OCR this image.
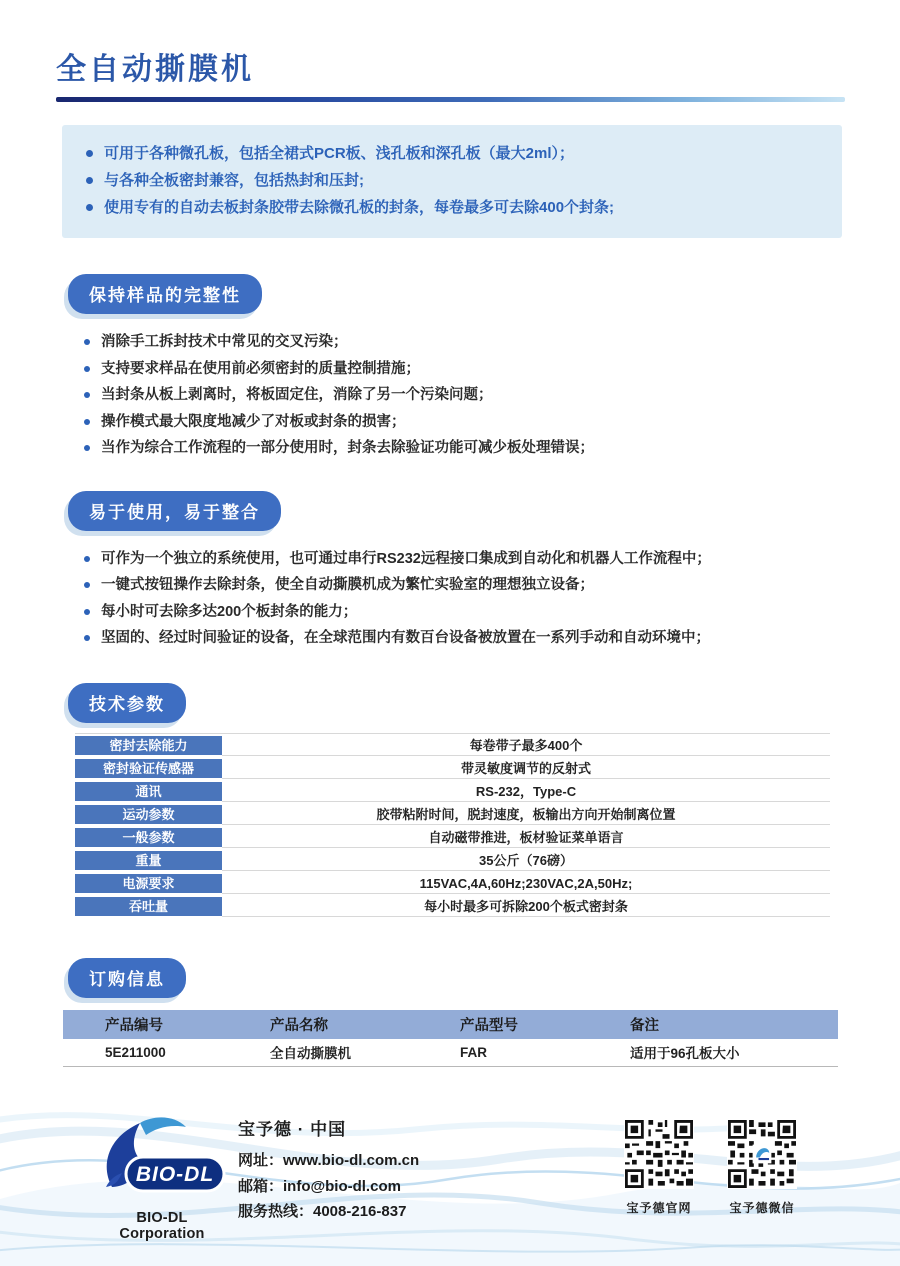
全自动撕膜机
可用于各种微孔板，包括全裙式PCR板、浅孔板和深孔板（最大2ml）；
与各种全板密封兼容，包括热封和压封;
使用专有的自动去板封条胶带去除微孔板的封条，每卷最多可去除400个封条;
保持样品的完整性
消除手工拆封技术中常见的交叉污染；
支持要求样品在使用前必须密封的质量控制措施；
当封条从板上剥离时，将板固定住，消除了另一个污染问题；
操作模式最大限度地减少了对板或封条的损害；
当作为综合工作流程的一部分使用时，封条去除验证功能可减少板处理错误；
易于使用，易于整合
可作为一个独立的系统使用，也可通过串行RS232远程接口集成到自动化和机器人工作流程中；
一键式按钮操作去除封条，使全自动撕膜机成为繁忙实验室的理想独立设备；
每小时可去除多达200个板封条的能力；
坚固的、经过时间验证的设备，在全球范围内有数百台设备被放置在一系列手动和自动环境中；
技术参数
密封去除能力	每卷带子最多400个
密封验证传感器	带灵敏度调节的反射式
通讯	RS-232，Type-C
运动参数	胶带粘附时间，脱封速度，板输出方向开始制离位置
一般参数	自动磁带推进，板材验证菜单语言
重量	35公斤（76磅）
电源要求	115VAC,4A,60Hz;230VAC,2A,50Hz;
吞吐量	每小时最多可拆除200个板式密封条
订购信息
产品编号	产品名称	产品型号	备注
5E211000	全自动撕膜机	FAR	适用于96孔板大小
BIO-DL
BIO-DL Corporation
宝予德 · 中国
网址：www.bio-dl.com.cn
邮箱：info@bio-dl.com
服务热线：4008-216-837	宝予德官网	宝予德微信
